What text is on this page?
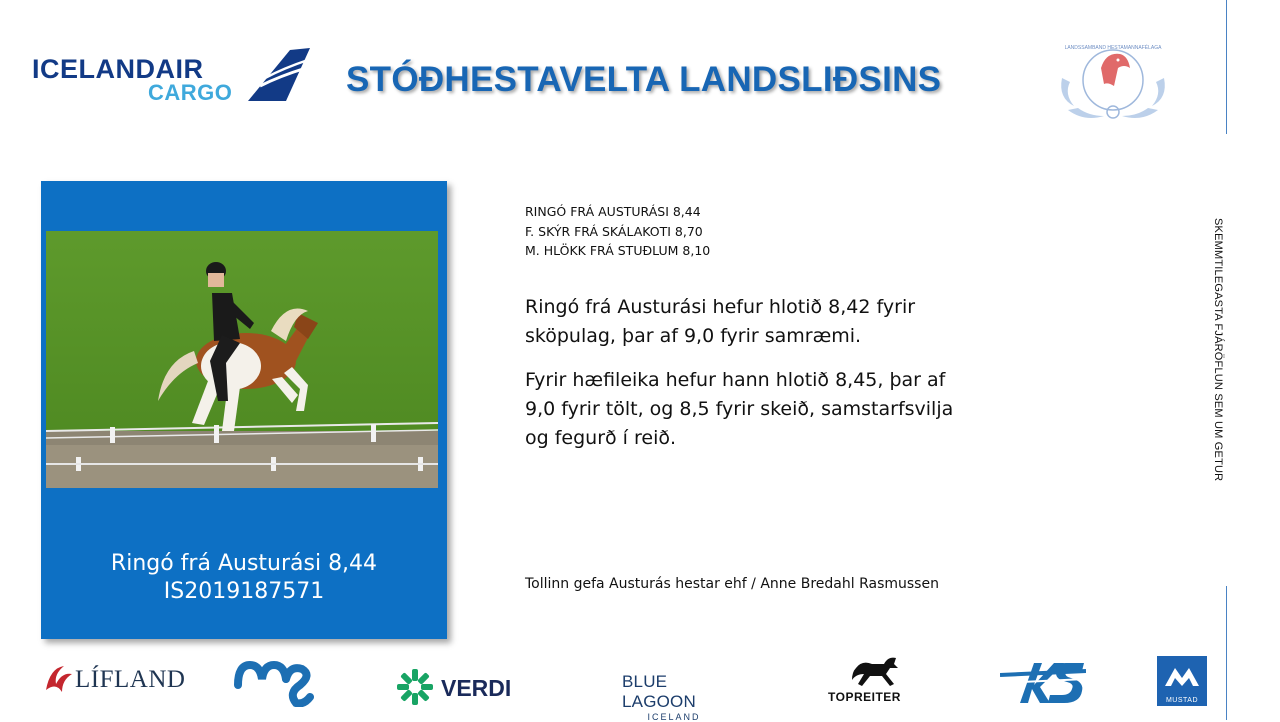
ICELANDAIR
CARGO	STÓÐHESTAVELTA LANDSLIÐSINS
LANDSSAMBAND HESTAMANNAFÉLAGA
SKEMMTILEGASTA FJÁRÖFLUN SEM UM GETUR
Ringó frá Austurási 8,44
IS2019187571
RINGÓ FRÁ AUSTURÁSI 8,44
F. SKÝR FRÁ SKÁLAKOTI 8,70
M. HLÖKK FRÁ STUÐLUM 8,10
Ringó frá Austurási hefur hlotið 8,42 fyrir sköpulag, þar af 9,0 fyrir samræmi.
Fyrir hæfileika hefur hann hlotið 8,45, þar af 9,0 fyrir tölt, og 8,5 fyrir skeið, samstarfsvilja og fegurð í reið.
Tollinn gefa Austurás hestar ehf / Anne Bredahl Rasmussen
LÍFLAND	VERDI	BLUE LAGOON
ICELAND
TOPREITER	MUSTAD
